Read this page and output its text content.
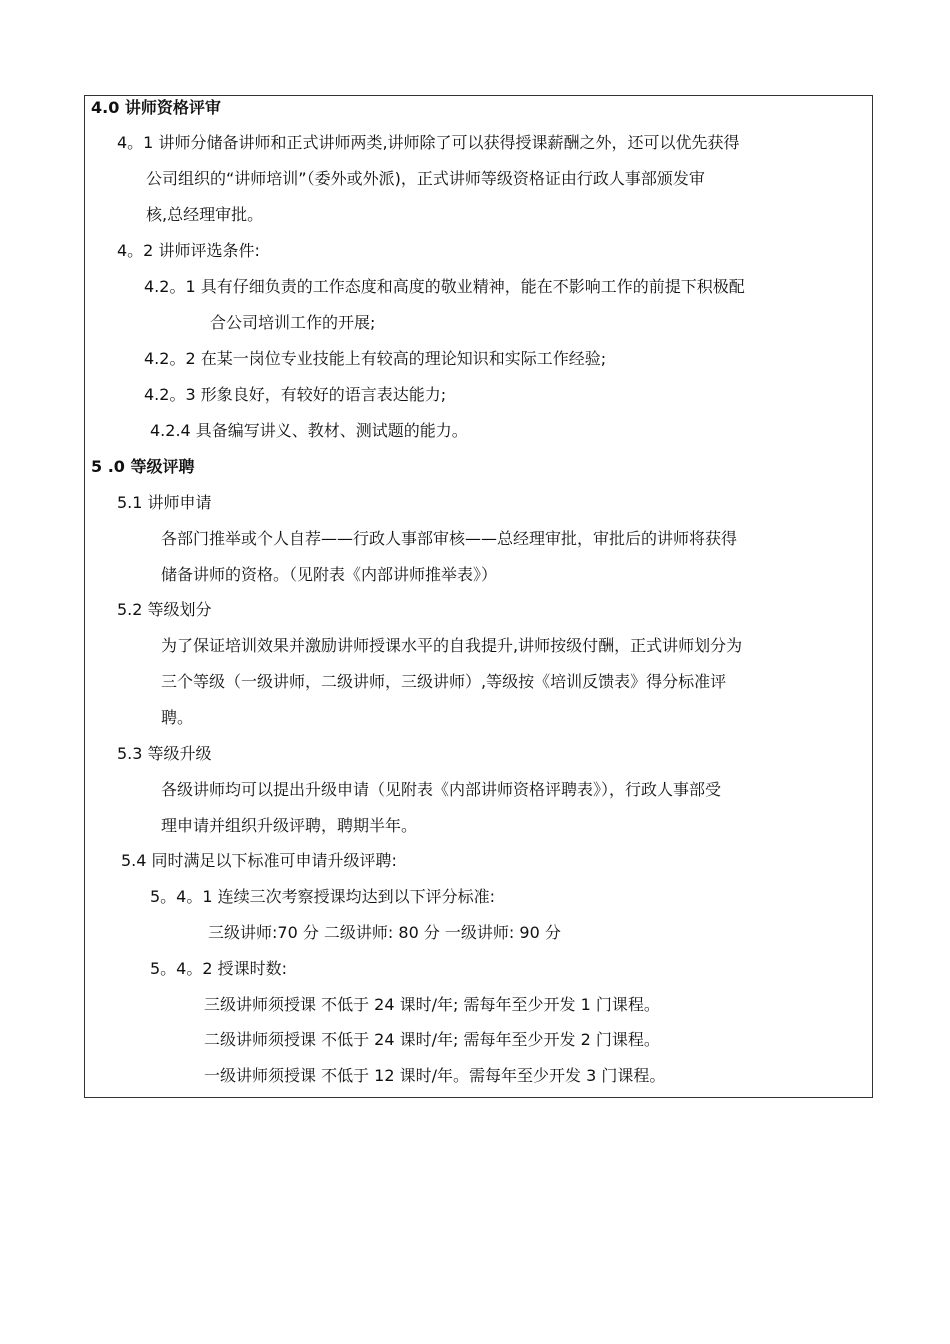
4.0 讲师资格评审
4。1 讲师分储备讲师和正式讲师两类,讲师除了可以获得授课薪酬之外，还可以优先获得
公司组织的“讲师培训”（委外或外派)，正式讲师等级资格证由行政人事部颁发审
核,总经理审批。
4。2 讲师评选条件:
4.2。1 具有仔细负责的工作态度和高度的敬业精神，能在不影响工作的前提下积极配
合公司培训工作的开展;
4.2。2 在某一岗位专业技能上有较高的理论知识和实际工作经验;
4.2。3 形象良好，有较好的语言表达能力;
4.2.4 具备编写讲义、教材、测试题的能力。
5 .0 等级评聘
5.1 讲师申请
各部门推举或个人自荐——行政人事部审核——总经理审批，审批后的讲师将获得
储备讲师的资格。（见附表《内部讲师推举表》）
5.2 等级划分
为了保证培训效果并激励讲师授课水平的自我提升,讲师按级付酬，正式讲师划分为
三个等级（一级讲师，二级讲师，三级讲师）,等级按《培训反馈表》得分标准评
聘。
5.3 等级升级
各级讲师均可以提出升级申请（见附表《内部讲师资格评聘表》），行政人事部受
理申请并组织升级评聘，聘期半年。
5.4 同时满足以下标准可申请升级评聘:
5。4。1 连续三次考察授课均达到以下评分标准:
三级讲师:70 分 二级讲师: 80 分 一级讲师: 90 分
5。4。2 授课时数:
三级讲师须授课 不低于 24 课时/年; 需每年至少开发 1 门课程。
二级讲师须授课 不低于 24 课时/年; 需每年至少开发 2 门课程。
一级讲师须授课 不低于 12 课时/年。需每年至少开发 3 门课程。
